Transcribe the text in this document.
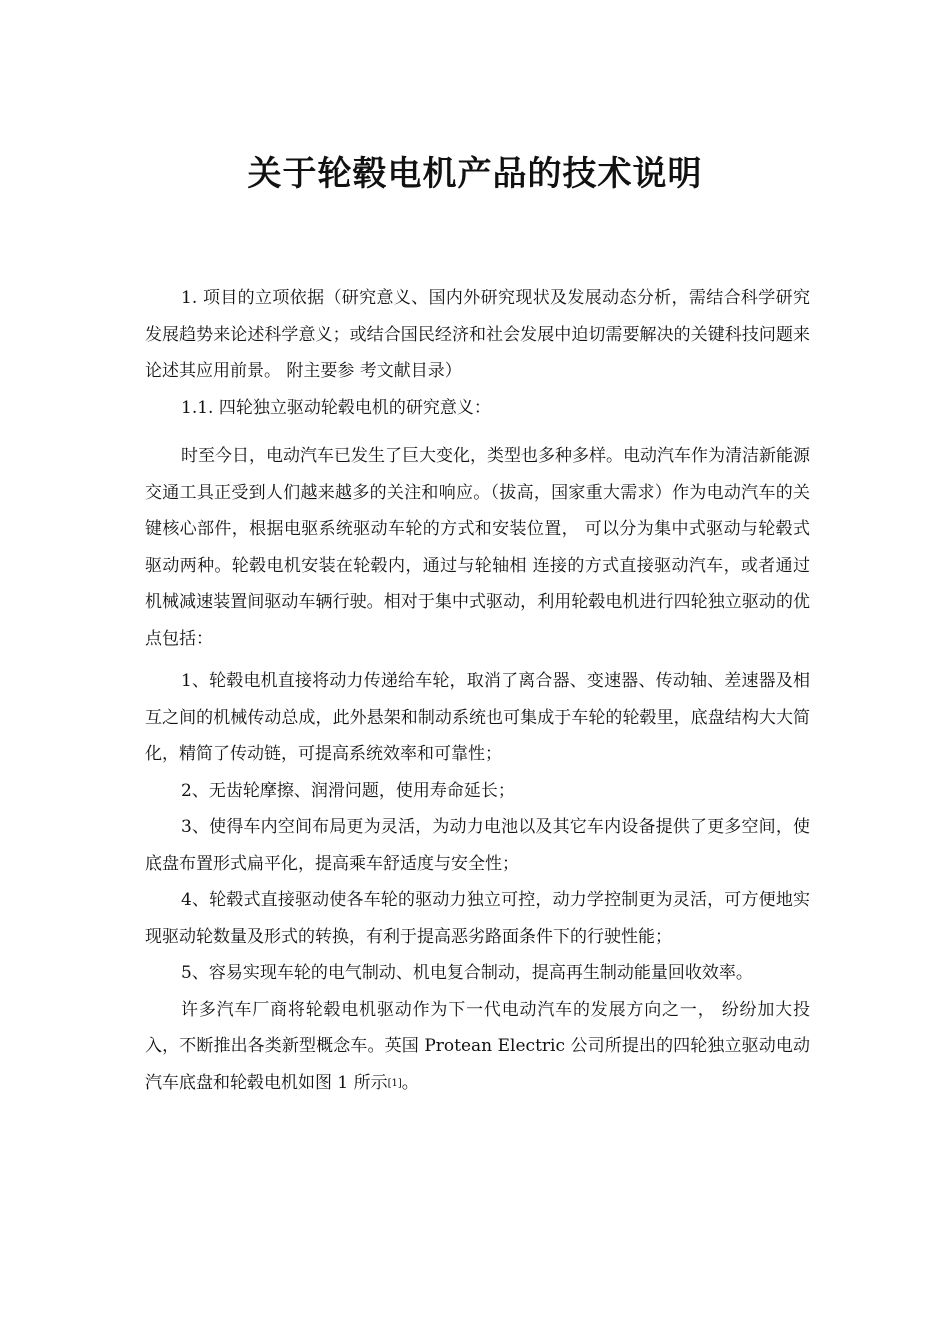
关于轮毂电机产品的技术说明

1. 项目的立项依据（研究意义、国内外研究现状及发展动态分析，需结合科学研究发展趋势来论述科学意义；或结合国民经济和社会发展中迫切需要解决的关键科技问题来论述其应用前景。 附主要参 考文献目录）

1.1. 四轮独立驱动轮毂电机的研究意义：

时至今日，电动汽车已发生了巨大变化，类型也多种多样。电动汽车作为清洁新能源交通工具正受到人们越来越多的关注和响应。（拔高，国家重大需求）作为电动汽车的关键核心部件，根据电驱系统驱动车轮的方式和安装位置， 可以分为集中式驱动与轮毂式驱动两种。轮毂电机安装在轮毂内，通过与轮轴相 连接的方式直接驱动汽车，或者通过机械减速装置间驱动车辆行驶。相对于集中式驱动，利用轮毂电机进行四轮独立驱动的优点包括：

1、轮毂电机直接将动力传递给车轮，取消了离合器、变速器、传动轴、差速器及相互之间的机械传动总成，此外悬架和制动系统也可集成于车轮的轮毂里，底盘结构大大简化，精简了传动链，可提高系统效率和可靠性；

2、无齿轮摩擦、润滑问题，使用寿命延长；

3、使得车内空间布局更为灵活，为动力电池以及其它车内设备提供了更多空间，使底盘布置形式扁平化，提高乘车舒适度与安全性；

4、轮毂式直接驱动使各车轮的驱动力独立可控，动力学控制更为灵活，可方便地实现驱动轮数量及形式的转换，有利于提高恶劣路面条件下的行驶性能；

5、容易实现车轮的电气制动、机电复合制动，提高再生制动能量回收效率。

许多汽车厂商将轮毂电机驱动作为下一代电动汽车的发展方向之一， 纷纷加大投入，不断推出各类新型概念车。英国 Protean Electric 公司所提出的四轮独立驱动电动汽车底盘和轮毂电机如图 1 所示[1]。
